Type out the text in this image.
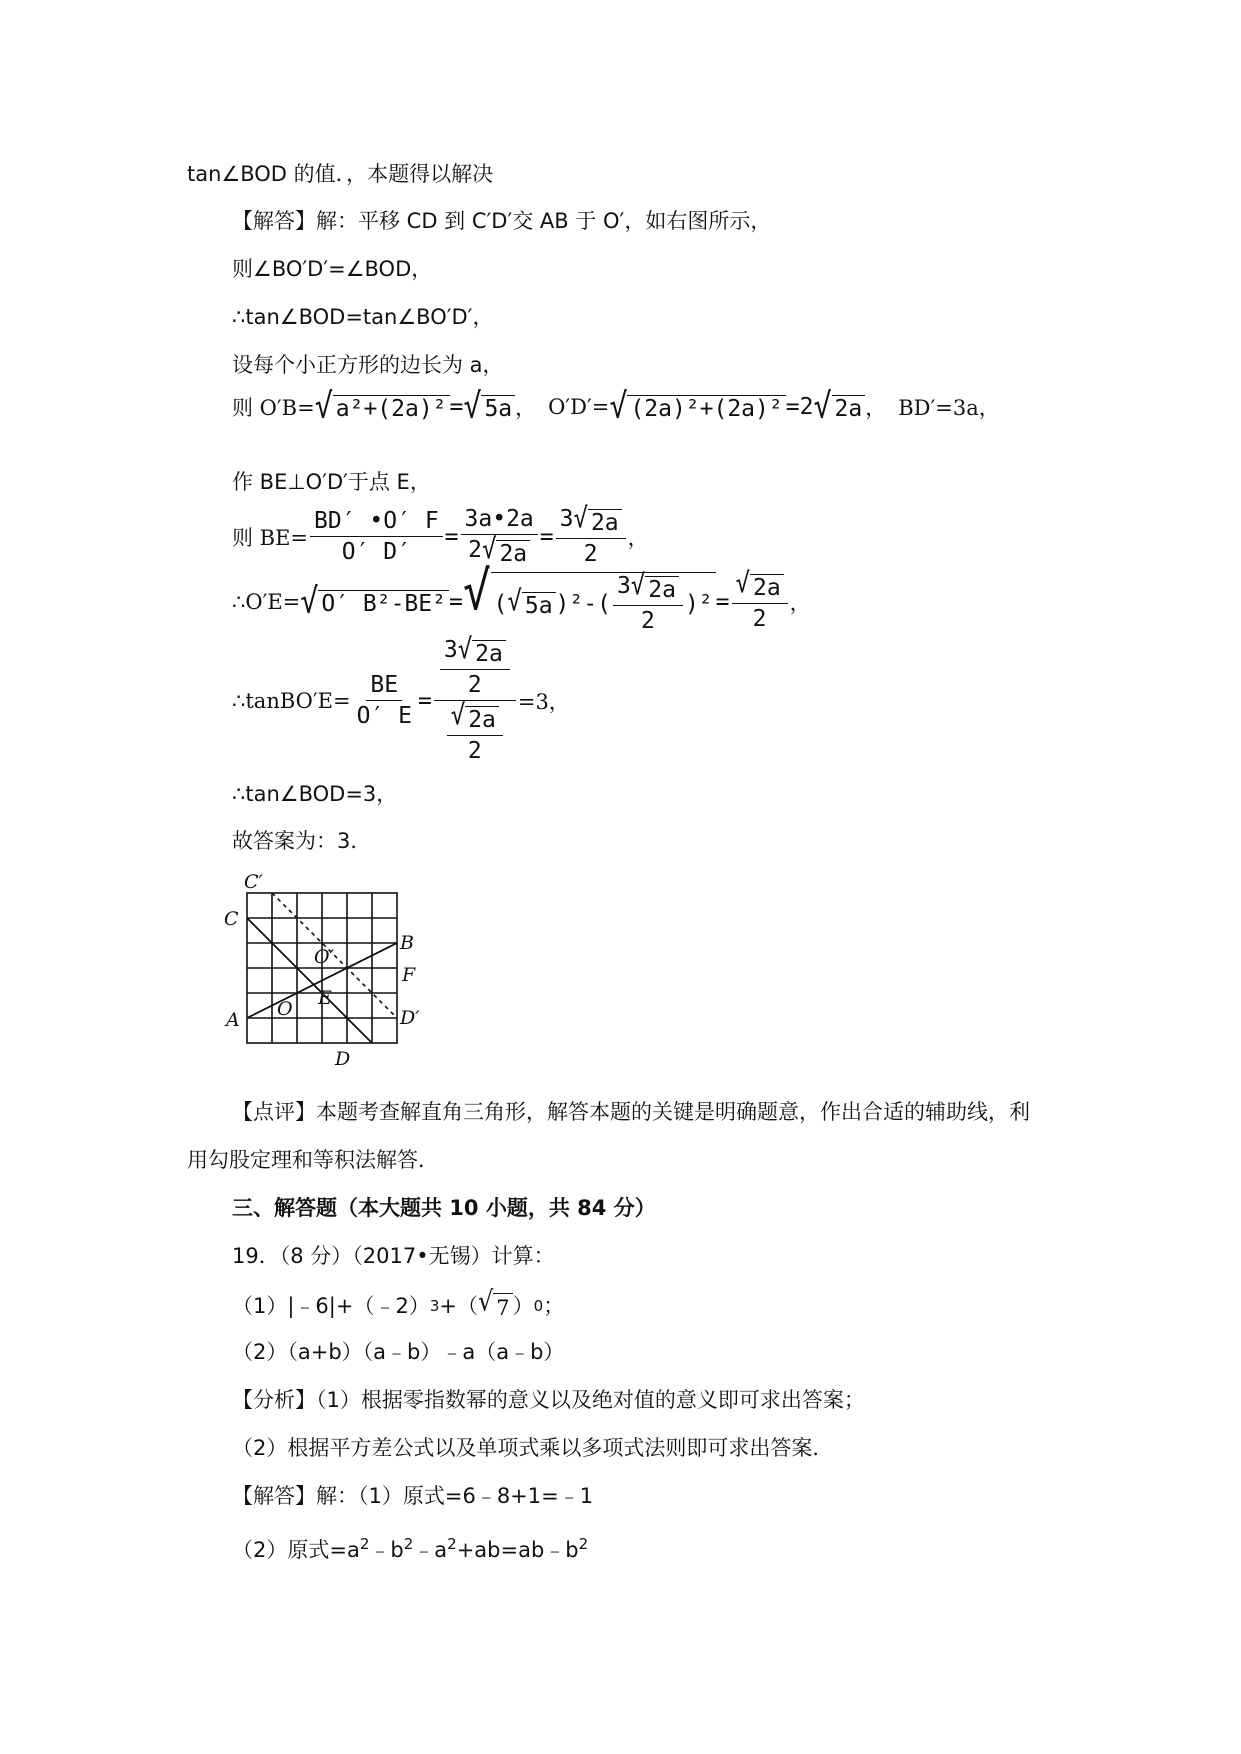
tan∠BOD 的值．，本题得以解决
【解答】解：平移 CD 到 C′D′交 AB 于 O′，如右图所示，
则∠BO′D′=∠BOD，
∴tan∠BOD=tan∠BO′D′，
设每个小正方形的边长为 a，
则 O′B= √ a²+(2a)² = √ 5a ， O′D′= √ (2a)²+(2a)² =2 √ 2a ， BD′=3a，
作 BE⊥O′D′于点 E，
则 $BE= \frac{BD' •O' F}{O' D'} = \frac{3a•2a}{2 √ 2a} = \frac{3 √ 2a}{2}$ ，
∴O′E= √ O′ B²-BE² = √ ( √ 5a )$^2-( \frac{3 √ 2a}{2} )^2 = \frac{√ 2a}{2}$ ，
∴tanBO′E= $\frac{BE}{O' E} = \frac{\frac{3 √ 2a}{2}}{\frac{√ 2a}{2}} =3$，
∴tan∠BOD=3，
故答案为：3．
C′
C
B
O′
F
E
O
A	D′
D
【点评】本题考查解直角三角形，解答本题的关键是明确题意，作出合适的辅助线，利
用勾股定理和等积法解答．
三、解答题（本大题共 10 小题，共 84 分）
19．（8 分）（2017•无锡）计算：
（1）|﹣6|+（﹣2） 3 +（ √ 7 ） 0 ；
（2）（a+b）（a﹣b）﹣a（a﹣b）
【分析】（1）根据零指数幂的意义以及绝对值的意义即可求出答案；
（2）根据平方差公式以及单项式乘以多项式法则即可求出答案．
【解答】解：（1）原式=6﹣8+1=﹣1
（2）原式$=a^2﹣b^2﹣a^2+ab=ab﹣b^2$
